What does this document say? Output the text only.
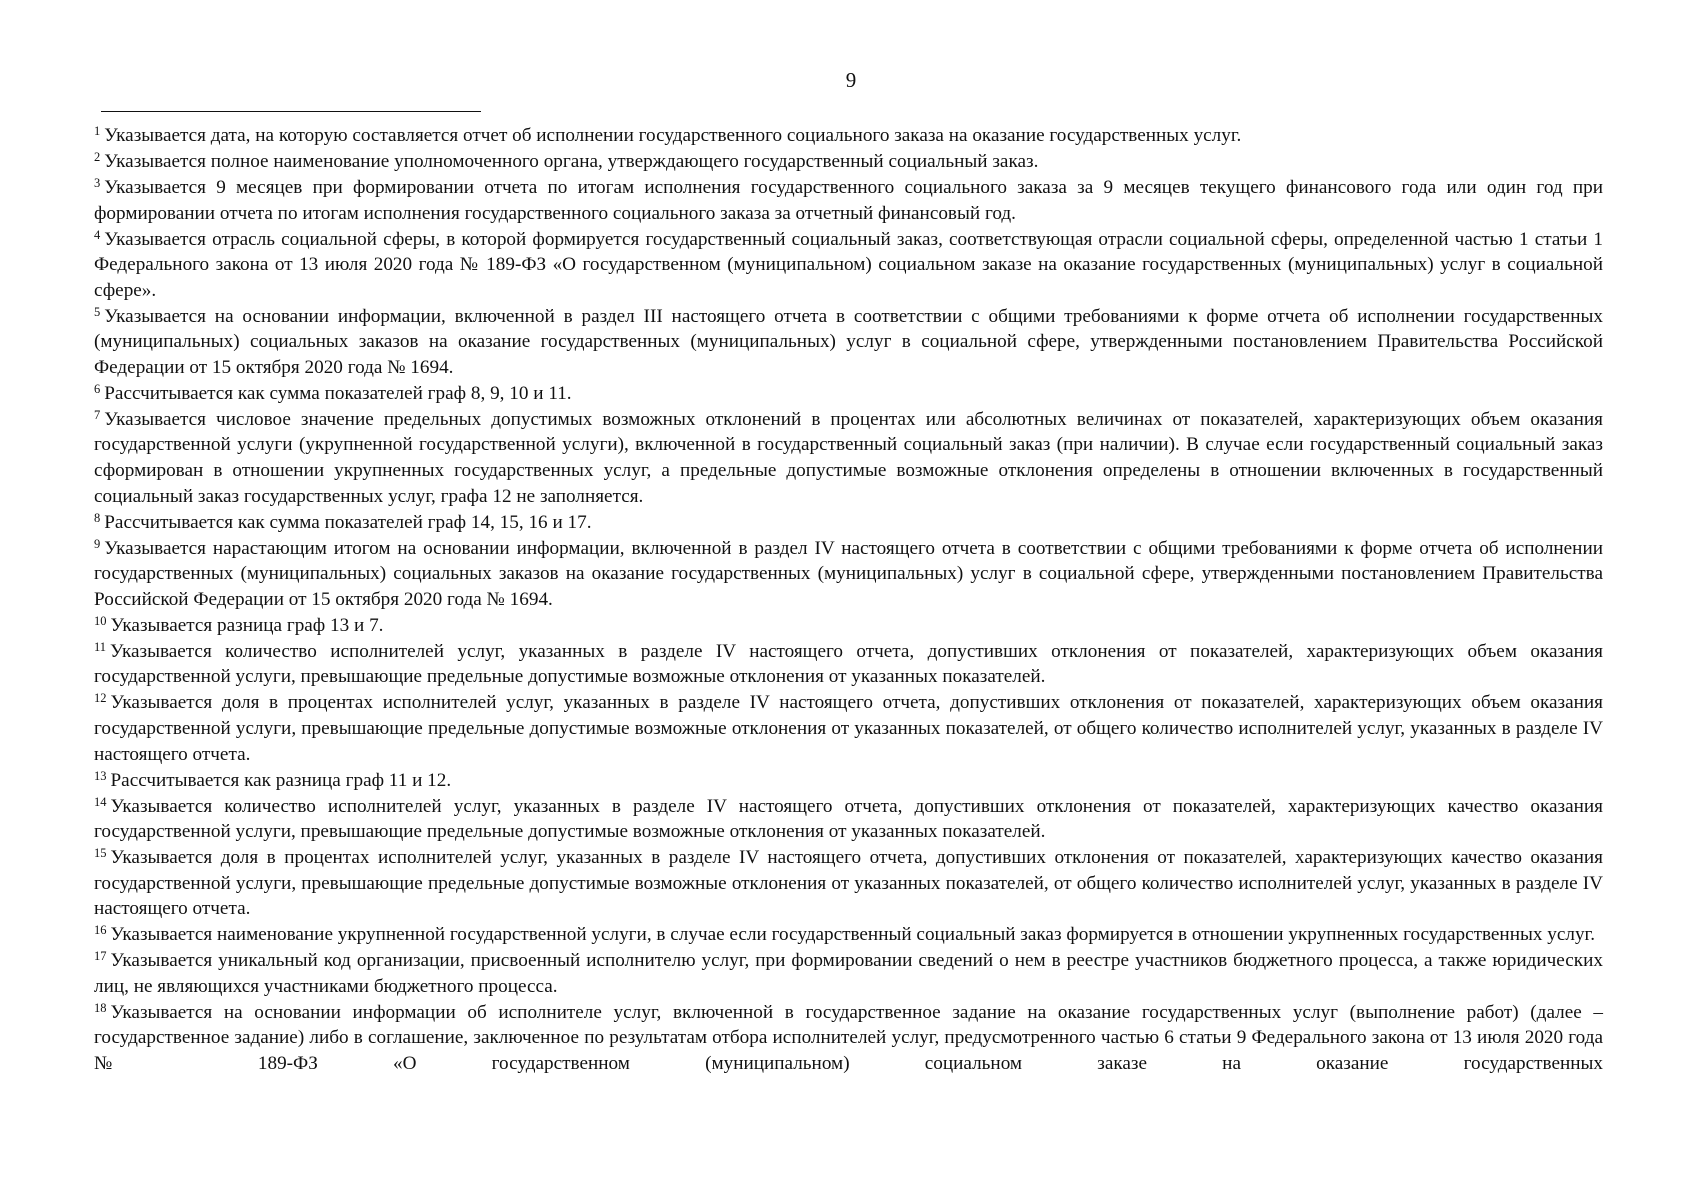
9

$^1$ Указывается дата, на которую составляется отчет об исполнении государственного социального заказа на оказание государственных услуг.

$^2$ Указывается полное наименование уполномоченного органа, утверждающего государственный социальный заказ.

$^3$ Указывается 9 месяцев при формировании отчета по итогам исполнения государственного социального заказа за 9 месяцев текущего финансового года или один год при формировании отчета по итогам исполнения государственного социального заказа за отчетный финансовый год.

$^4$ Указывается отрасль социальной сферы, в которой формируется государственный социальный заказ, соответствующая отрасли социальной сферы, определенной частью 1 статьи 1 Федерального закона от 13 июля 2020 года № 189-ФЗ «О государственном (муниципальном) социальном заказе на оказание государственных (муниципальных) услуг в социальной сфере».

$^5$ Указывается на основании информации, включенной в раздел III настоящего отчета в соответствии с общими требованиями к форме отчета об исполнении государственных (муниципальных) социальных заказов на оказание государственных (муниципальных) услуг в социальной сфере, утвержденными постановлением Правительства Российской Федерации от 15 октября 2020 года № 1694.

$^6$ Рассчитывается как сумма показателей граф 8, 9, 10 и 11.

$^7$ Указывается числовое значение предельных допустимых возможных отклонений в процентах или абсолютных величинах от показателей, характеризующих объем оказания государственной услуги (укрупненной государственной услуги), включенной в государственный социальный заказ (при наличии). В случае если государственный социальный заказ сформирован в отношении укрупненных государственных услуг, а предельные допустимые возможные отклонения определены в отношении включенных в государственный социальный заказ государственных услуг, графа 12 не заполняется.

$^8$ Рассчитывается как сумма показателей граф 14, 15, 16 и 17.

$^9$ Указывается нарастающим итогом на основании информации, включенной в раздел IV настоящего отчета в соответствии с общими требованиями к форме отчета об исполнении государственных (муниципальных) социальных заказов на оказание государственных (муниципальных) услуг в социальной сфере, утвержденными постановлением Правительства Российской Федерации от 15 октября 2020 года № 1694.

$^{10}$ Указывается разница граф 13 и 7.

$^{11}$ Указывается количество исполнителей услуг, указанных в разделе IV настоящего отчета, допустивших отклонения от показателей, характеризующих объем оказания государственной услуги, превышающие предельные допустимые возможные отклонения от указанных показателей.

$^{12}$ Указывается доля в процентах исполнителей услуг, указанных в разделе IV настоящего отчета, допустивших отклонения от показателей, характеризующих объем оказания государственной услуги, превышающие предельные допустимые возможные отклонения от указанных показателей, от общего количество исполнителей услуг, указанных в разделе IV настоящего отчета.

$^{13}$ Рассчитывается как разница граф 11 и 12.

$^{14}$ Указывается количество исполнителей услуг, указанных в разделе IV настоящего отчета, допустивших отклонения от показателей, характеризующих качество оказания государственной услуги, превышающие предельные допустимые возможные отклонения от указанных показателей.

$^{15}$ Указывается доля в процентах исполнителей услуг, указанных в разделе IV настоящего отчета, допустивших отклонения от показателей, характеризующих качество оказания государственной услуги, превышающие предельные допустимые возможные отклонения от указанных показателей, от общего количество исполнителей услуг, указанных в разделе IV настоящего отчета.

$^{16}$ Указывается наименование укрупненной государственной услуги, в случае если государственный социальный заказ формируется в отношении укрупненных государственных услуг.

$^{17}$ Указывается уникальный код организации, присвоенный исполнителю услуг, при формировании сведений о нем в реестре участников бюджетного процесса, а также юридических лиц, не являющихся участниками бюджетного процесса.

$^{18}$ Указывается на основании информации об исполнителе услуг, включенной в государственное задание на оказание государственных услуг (выполнение работ) (далее – государственное задание) либо в соглашение, заключенное по результатам отбора исполнителей услуг, предусмотренного частью 6 статьи 9 Федерального закона от 13 июля 2020 года № 189-ФЗ «О государственном (муниципальном) социальном заказе на оказание государственных
